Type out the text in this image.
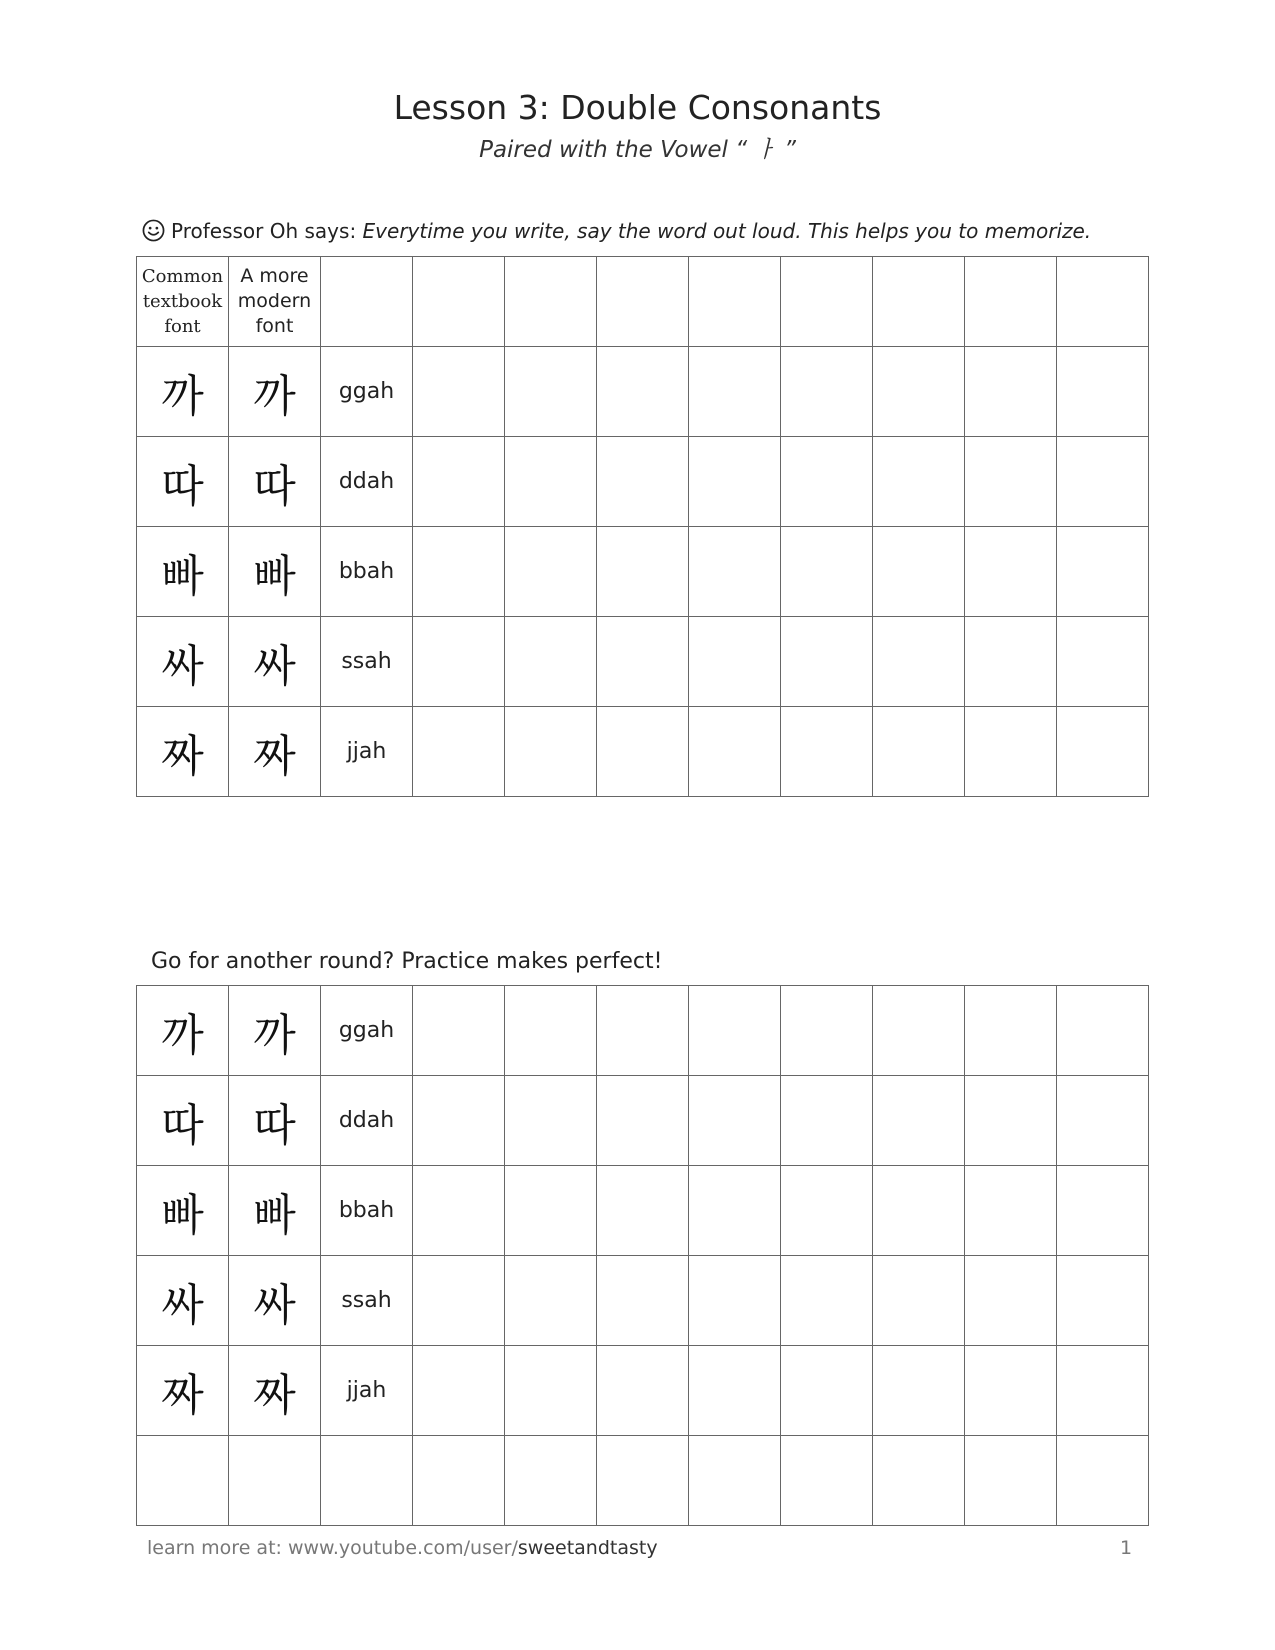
Lesson 3: Double Consonants
Paired with the Vowel “ ㅏ ”
Professor Oh says: Everytime you write, say the word out loud. This helps you to memorize.
Common textbook font	A more modern font									

까	까	ggah								
따	따	ddah								
빠	빠	bbah								
싸	싸	ssah								
짜	짜	jjah								
Go for another round? Practice makes perfect!
까	까	ggah								
따	따	ddah								
빠	빠	bbah								
싸	싸	ssah								
짜	짜	jjah								

learn more at: www.youtube.com/user/sweetandtasty	1
